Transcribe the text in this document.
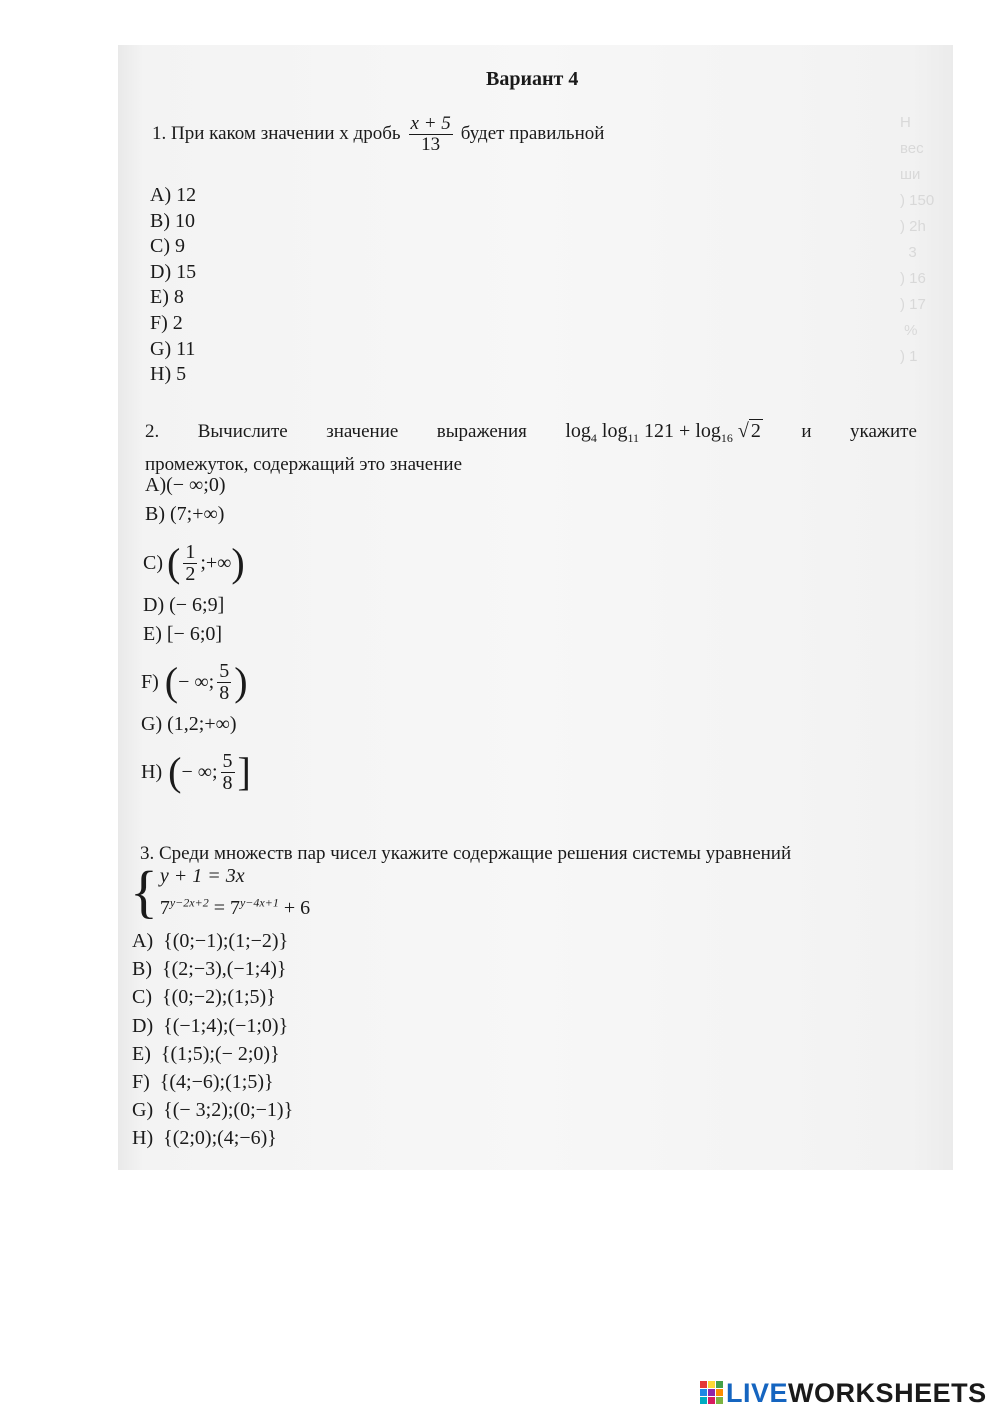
Н
вес
ши
) 150
) 2h
3
) 16
) 17
%
) 1

Вариант 4
1. При каком значении х дробь $\frac{x + 5}{13}$ будет правильной
A) 12
B) 10
C) 9
D) 15
E) 8
F) 2
G) 11
H) 5
2. Вычислите значение выражения $\log_4 \log_{11} 121 + \log_{16}$ √ 2 и укажите
промежуток, содержащий это значение
A)(− ∞;0)
B) (7;+∞)
C) ( $\frac{1}{2}$ ;+∞ )
D) (− 6;9]
E) [− 6;0]
F) ( − ∞; $\frac{5}{8}$ )
G) (1,2;+∞)
H) ( − ∞; $\frac{5}{8}$ ]
3. Среди множеств пар чисел укажите содержащие решения системы уравнений
{ y + 1 = 3x
$7^{y-2x+2} = 7^{y-4x+1} + 6$
A) {(0;−1);(1;−2)}
B) {(2;−3),(−1;4)}
C) {(0;−2);(1;5)}
D) {(−1;4);(−1;0)}
E) {(1;5);(− 2;0)}
F) {(4;−6);(1;5)}
G) {(− 3;2);(0;−1)}
H) {(2;0);(4;−6)}
LIVEWORKSHEETS
